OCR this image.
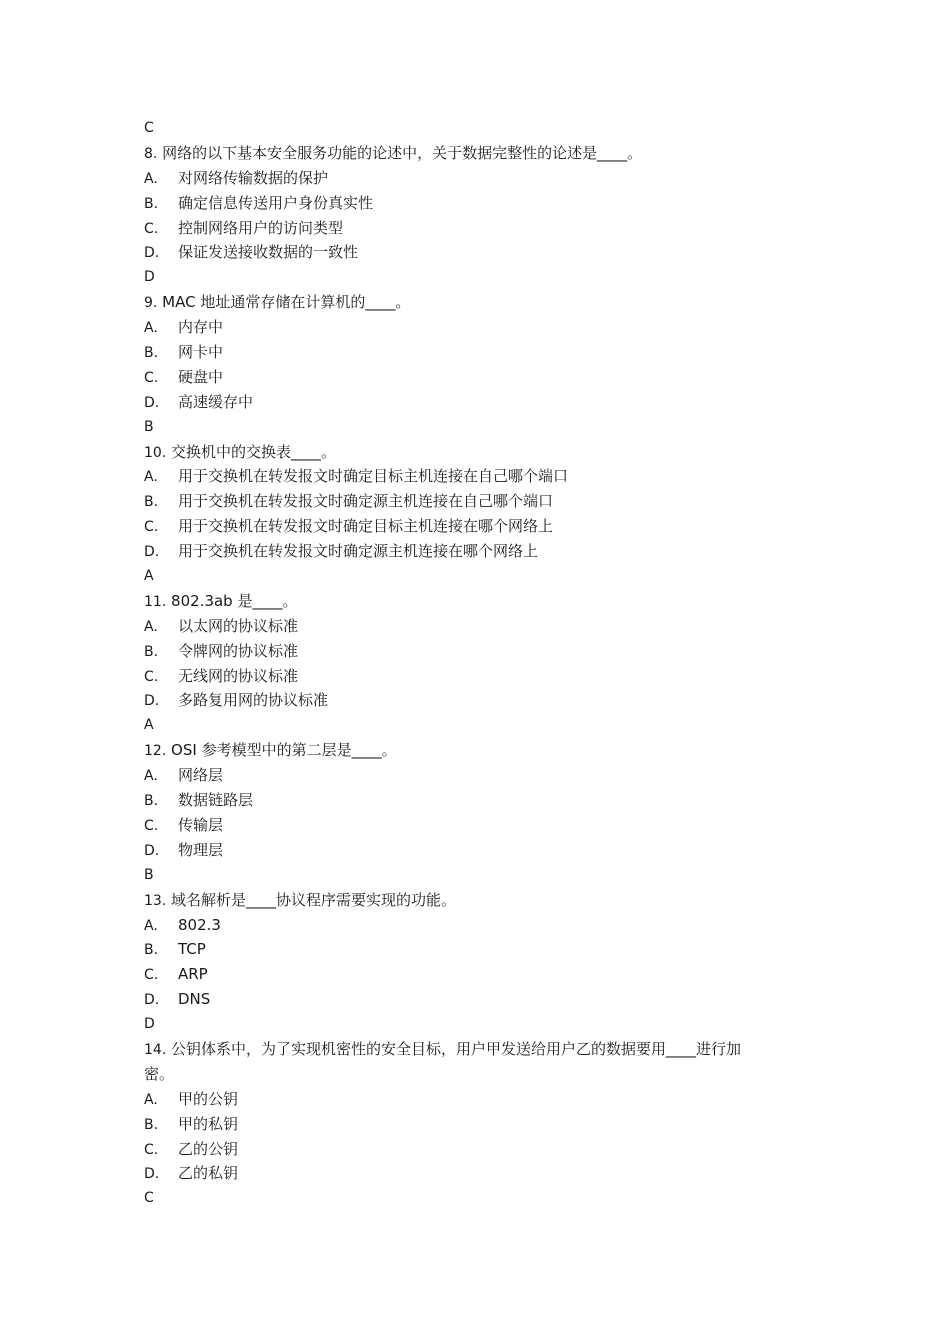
C
8. 网络的以下基本安全服务功能的论述中，关于数据完整性的论述是____。
A.	对网络传输数据的保护
B.	确定信息传送用户身份真实性
C.	控制网络用户的访问类型
D.	保证发送接收数据的一致性
D
9. MAC 地址通常存储在计算机的____。
A.	内存中
B.	网卡中
C.	硬盘中
D.	高速缓存中
B
10. 交换机中的交换表____。
A.	用于交换机在转发报文时确定目标主机连接在自己哪个端口
B.	用于交换机在转发报文时确定源主机连接在自己哪个端口
C.	用于交换机在转发报文时确定目标主机连接在哪个网络上
D.	用于交换机在转发报文时确定源主机连接在哪个网络上
A
11. 802.3ab 是____。
A.	以太网的协议标准
B.	令牌网的协议标准
C.	无线网的协议标准
D.	多路复用网的协议标准
A
12. OSI 参考模型中的第二层是____。
A.	网络层
B.	数据链路层
C.	传输层
D.	物理层
B
13. 域名解析是____协议程序需要实现的功能。
A.	802.3
B.	TCP
C.	ARP
D.	DNS
D
14. 公钥体系中，为了实现机密性的安全目标，用户甲发送给用户乙的数据要用____进行加
密。
A.	甲的公钥
B.	甲的私钥
C.	乙的公钥
D.	乙的私钥
C
